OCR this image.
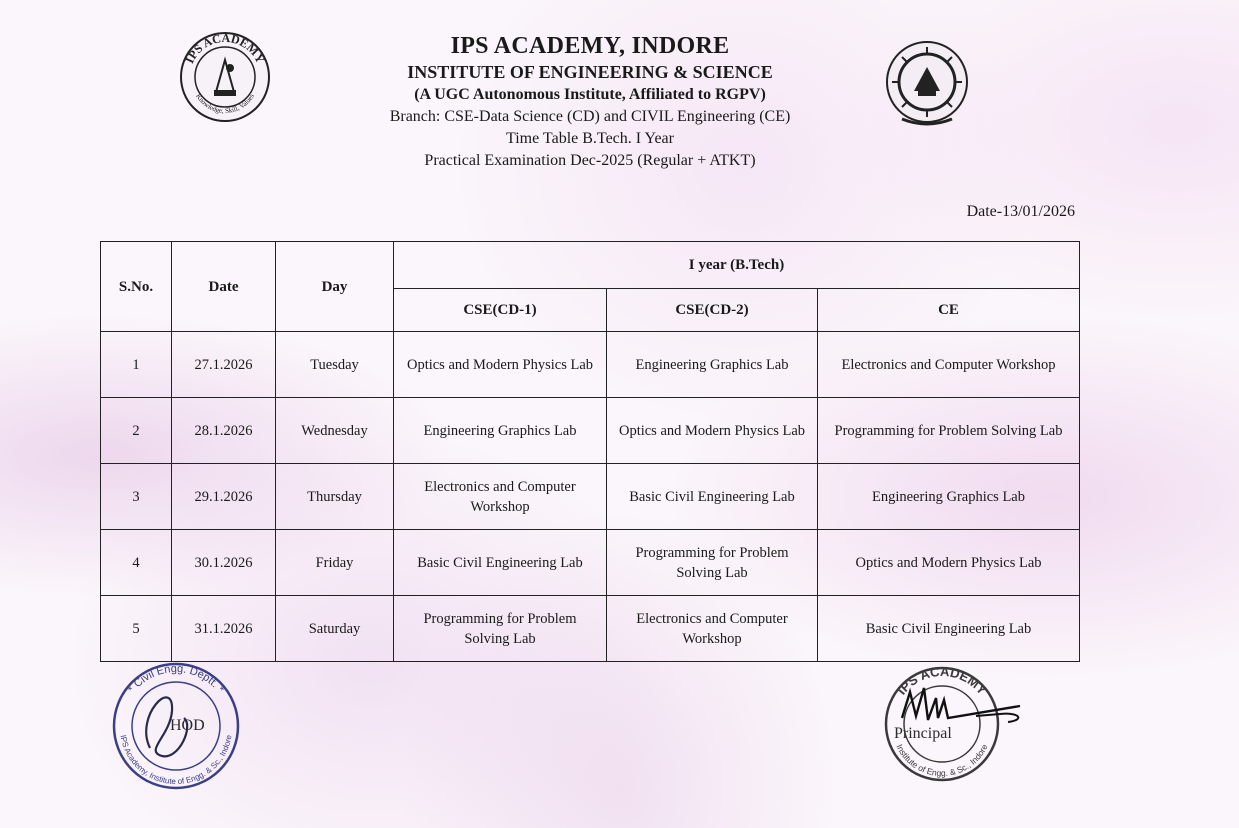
IPS ACADEMY
Knowledge, Skill, Values

IPS ACADEMY, INDORE

INSTITUTE OF ENGINEERING & SCIENCE

(A UGC Autonomous Institute, Affiliated to RGPV)

Branch: CSE-Data Science (CD) and CIVIL Engineering (CE)

Time Table B.Tech. I Year

Practical Examination Dec-2025 (Regular + ATKT)

Date-13/01/2026
S.No.	Date	Day	I year (B.Tech)		
			CSE(CD-1)	CSE(CD-2)	CE
1	27.1.2026	Tuesday	Optics and Modern Physics Lab	Engineering Graphics Lab	Electronics and Computer Workshop
2	28.1.2026	Wednesday	Engineering Graphics Lab	Optics and Modern Physics Lab	Programming for Problem Solving Lab
3	29.1.2026	Thursday	Electronics and Computer Workshop	Basic Civil Engineering Lab	Engineering Graphics Lab
4	30.1.2026	Friday	Basic Civil Engineering Lab	Programming for Problem Solving Lab	Optics and Modern Physics Lab
5	31.1.2026	Saturday	Programming for Problem Solving Lab	Electronics and Computer Workshop	Basic Civil Engineering Lab
* Civil Engg. Deptt. *
IPS Academy, Institute of Engg. & Sc., Indore
HOD
IPS ACADEMY
Institute of Engg. & Sc., Indore
Principal
